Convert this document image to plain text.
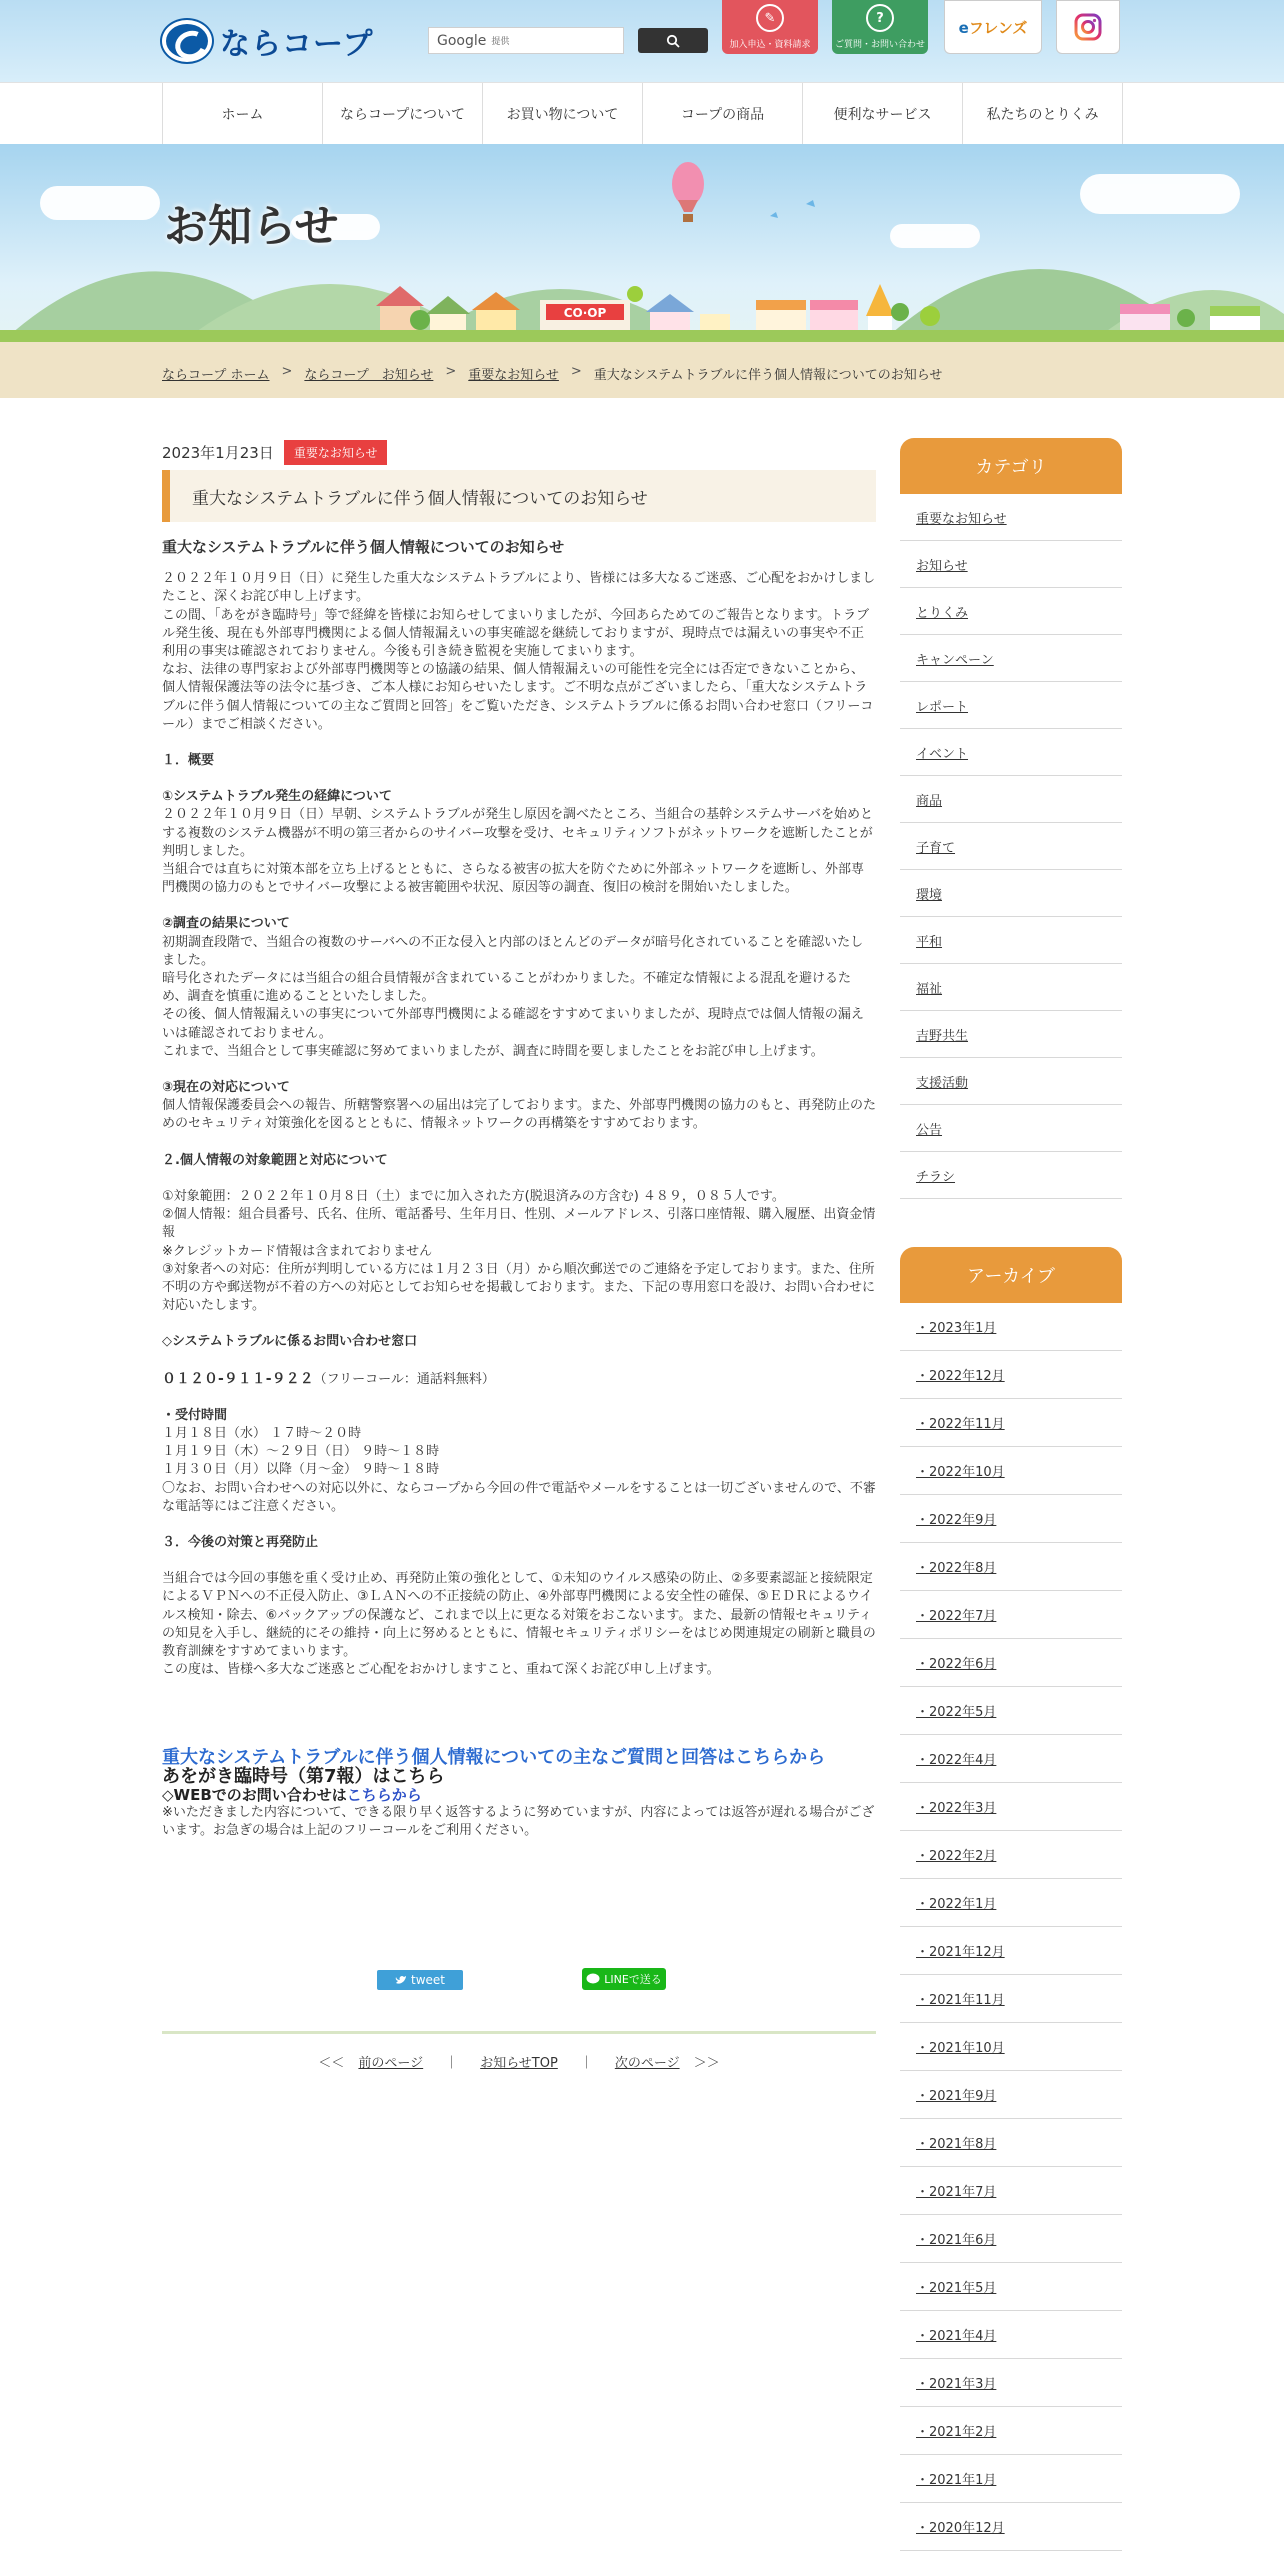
ならコープ	Google 提供
✎
加入申込・資料請求
?
ご質問・お問い合わせ
eフレンズ
ホーム	ならコープについて	お買い物について	コープの商品	便利なサービス	私たちのとりくみ
CO·OP
お知らせ
ならコープ ホーム > ならコープ　お知らせ > 重要なお知らせ > 重大なシステムトラブルに伴う個人情報についてのお知らせ
2023年1月23日	重要なお知らせ
重大なシステムトラブルに伴う個人情報についてのお知らせ

重大なシステムトラブルに伴う個人情報についてのお知らせ

２０２２年１０月９日（日）に発生した重大なシステムトラブルにより、皆様には多大なるご迷惑、ご心配をおかけしましたこと、深くお詫び申し上げます。
この間、「あをがき臨時号」等で経緯を皆様にお知らせしてまいりましたが、今回あらためてのご報告となります。トラブル発生後、現在も外部専門機関による個人情報漏えいの事実確認を継続しておりますが、現時点では漏えいの事実や不正利用の事実は確認されておりません。今後も引き続き監視を実施してまいります。
なお、法律の専門家および外部専門機関等との協議の結果、個人情報漏えいの可能性を完全には否定できないことから、個人情報保護法等の法令に基づき、ご本人様にお知らせいたします。ご不明な点がございましたら、「重大なシステムトラブルに伴う個人情報についての主なご質問と回答」をご覧いただき、システムトラブルに係るお問い合わせ窓口（フリーコール）までご相談ください。

１．概要

①システムトラブル発生の経緯について

２０２２年１０月９日（日）早朝、システムトラブルが発生し原因を調べたところ、当組合の基幹システムサーバを始めとする複数のシステム機器が不明の第三者からのサイバー攻撃を受け、セキュリティソフトがネットワークを遮断したことが判明しました。
当組合では直ちに対策本部を立ち上げるとともに、さらなる被害の拡大を防ぐために外部ネットワークを遮断し、外部専門機関の協力のもとでサイバー攻撃による被害範囲や状況、原因等の調査、復旧の検討を開始いたしました。

②調査の結果について

初期調査段階で、当組合の複数のサーバへの不正な侵入と内部のほとんどのデータが暗号化されていることを確認いたしました。
暗号化されたデータには当組合の組合員情報が含まれていることがわかりました。不確定な情報による混乱を避けるため、調査を慎重に進めることといたしました。
その後、個人情報漏えいの事実について外部専門機関による確認をすすめてまいりましたが、現時点では個人情報の漏えいは確認されておりません。
これまで、当組合として事実確認に努めてまいりましたが、調査に時間を要しましたことをお詫び申し上げます。

③現在の対応について

個人情報保護委員会への報告、所轄警察署への届出は完了しております。また、外部専門機関の協力のもと、再発防止のためのセキュリティ対策強化を図るとともに、情報ネットワークの再構築をすすめております。

２.個人情報の対象範囲と対応について

①対象範囲：２０２２年１０月８日（土）までに加入された方(脱退済みの方含む) ４８９，０８５人です。
②個人情報：組合員番号、氏名、住所、電話番号、生年月日、性別、メールアドレス、引落口座情報、購入履歴、出資金情報
※クレジットカード情報は含まれておりません
③対象者への対応：住所が判明している方には１月２３日（月）から順次郵送でのご連絡を予定しております。また、住所不明の方や郵送物が不着の方への対応としてお知らせを掲載しております。また、下記の専用窓口を設け、お問い合わせに対応いたします。

◇システムトラブルに係るお問い合わせ窓口

０１２０-９１１-９２２（フリーコール：通話料無料）

・受付時間

１月１８日（水） １７時～２０時
１月１９日（木）～２９日（日） ９時～１８時
１月３０日（月）以降（月～金） ９時～１８時
〇なお、お問い合わせへの対応以外に、ならコープから今回の件で電話やメールをすることは一切ございませんので、不審
な電話等にはご注意ください。

３．今後の対策と再発防止

当組合では今回の事態を重く受け止め、再発防止策の強化として、①未知のウイルス感染の防止、②多要素認証と接続限定によるＶＰＮへの不正侵入防止、③ＬＡＮへの不正接続の防止、④外部専門機関による安全性の確保、⑤ＥＤＲによるウイルス検知・除去、⑥バックアップの保護など、これまで以上に更なる対策をおこないます。また、最新の情報セキュリティの知見を入手し、継続的にその維持・向上に努めるとともに、情報セキュリティポリシーをはじめ関連規定の刷新と職員の教育訓練をすすめてまいります。
この度は、皆様へ多大なご迷惑とご心配をおかけしますこと、重ねて深くお詫び申し上げます。

重大なシステムトラブルに伴う個人情報についての主なご質問と回答はこちらから

あをがき臨時号（第7報）はこちら

◇WEBでのお問い合わせはこちらから

※いただきました内容について、できる限り早く返答するように努めていますが、内容によっては返答が遅れる場合がございます。お急ぎの場合は上記のフリーコールをご利用ください。

tweet	LINEで送る
＜＜ 前のページ ｜ お知らせTOP ｜ 次のページ ＞＞
カテゴリ
重要なお知らせ
お知らせ
とりくみ
キャンペーン
レポート
イベント
商品
子育て
環境
平和
福祉
吉野共生
支援活動
公告
チラシ
アーカイブ
・2023年1月
・2022年12月
・2022年11月
・2022年10月
・2022年9月
・2022年8月
・2022年7月
・2022年6月
・2022年5月
・2022年4月
・2022年3月
・2022年2月
・2022年1月
・2021年12月
・2021年11月
・2021年10月
・2021年9月
・2021年8月
・2021年7月
・2021年6月
・2021年5月
・2021年4月
・2021年3月
・2021年2月
・2021年1月
・2020年12月
